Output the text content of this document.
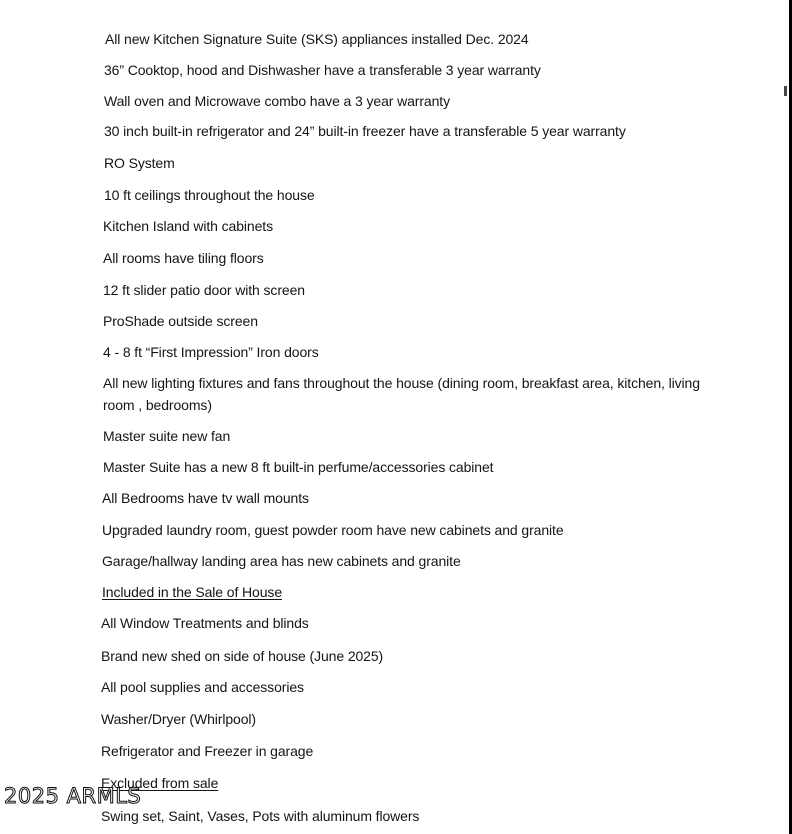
All new Kitchen Signature Suite (SKS) appliances installed Dec. 2024
36” Cooktop, hood and Dishwasher have a transferable 3 year warranty
Wall oven and Microwave combo have a 3 year warranty
30 inch built-in refrigerator and 24” built-in freezer have a transferable 5 year warranty
RO System
10 ft ceilings throughout the house
Kitchen Island with cabinets
All rooms have tiling floors
12 ft slider patio door with screen
ProShade outside screen
4 - 8 ft “First Impression” Iron doors
All new lighting fixtures and fans throughout the house (dining room, breakfast area, kitchen, living room , bedrooms)
Master suite new fan
Master Suite has a new 8 ft built-in perfume/accessories cabinet
All Bedrooms have tv wall mounts
Upgraded laundry room, guest powder room have new cabinets and granite
Garage/hallway landing area has new cabinets and granite
Included in the Sale of House
All Window Treatments and blinds
Brand new shed on side of house (June 2025)
All pool supplies and accessories
Washer/Dryer (Whirlpool)
Refrigerator and Freezer in garage
Excluded from sale
Swing set, Saint, Vases, Pots with aluminum flowers
2025 ARMLS
